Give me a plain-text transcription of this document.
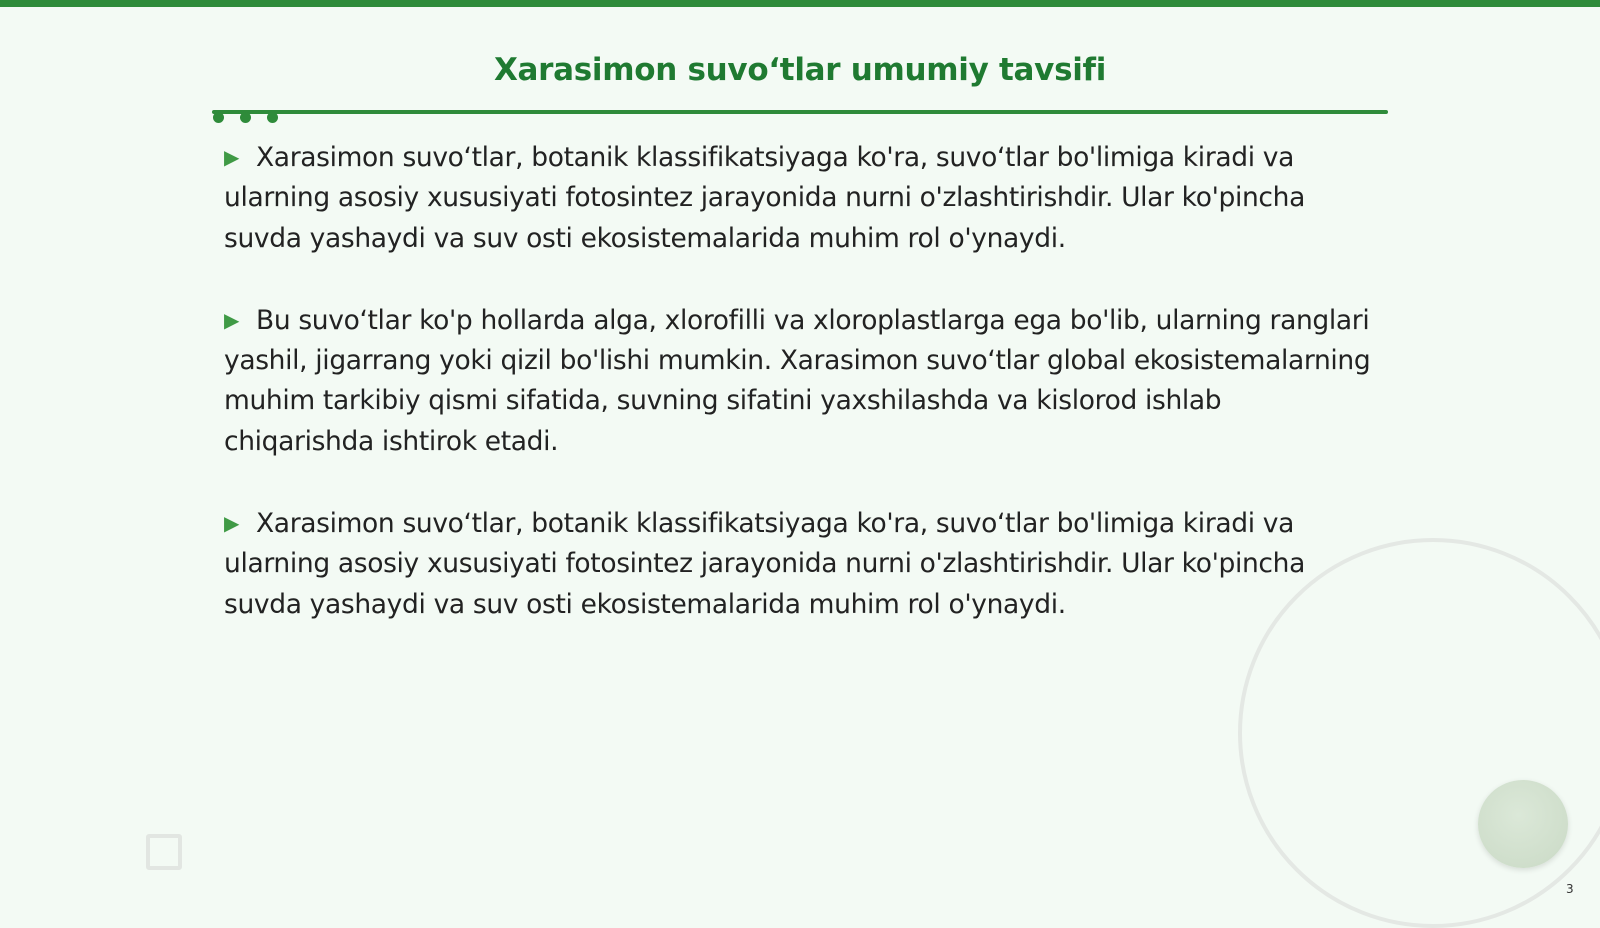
Xarasimon suvoʻtlar umumiy tavsifi

▶ Xarasimon suvoʻtlar, botanik klassifikatsiyaga ko'ra, suvoʻtlar bo'limiga kiradi va ularning asosiy xususiyati fotosintez jarayonida nurni o'zlashtirishdir. Ular ko'pincha suvda yashaydi va suv osti ekosistemalarida muhim rol o'ynaydi.

▶ Bu suvoʻtlar ko'p hollarda alga, xlorofilli va xloroplastlarga ega bo'lib, ularning ranglari yashil, jigarrang yoki qizil bo'lishi mumkin. Xarasimon suvoʻtlar global ekosistemalarning muhim tarkibiy qismi sifatida, suvning sifatini yaxshilashda va kislorod ishlab chiqarishda ishtirok etadi.

▶ Xarasimon suvoʻtlar, botanik klassifikatsiyaga ko'ra, suvoʻtlar bo'limiga kiradi va ularning asosiy xususiyati fotosintez jarayonida nurni o'zlashtirishdir. Ular ko'pincha suvda yashaydi va suv osti ekosistemalarida muhim rol o'ynaydi.

3
